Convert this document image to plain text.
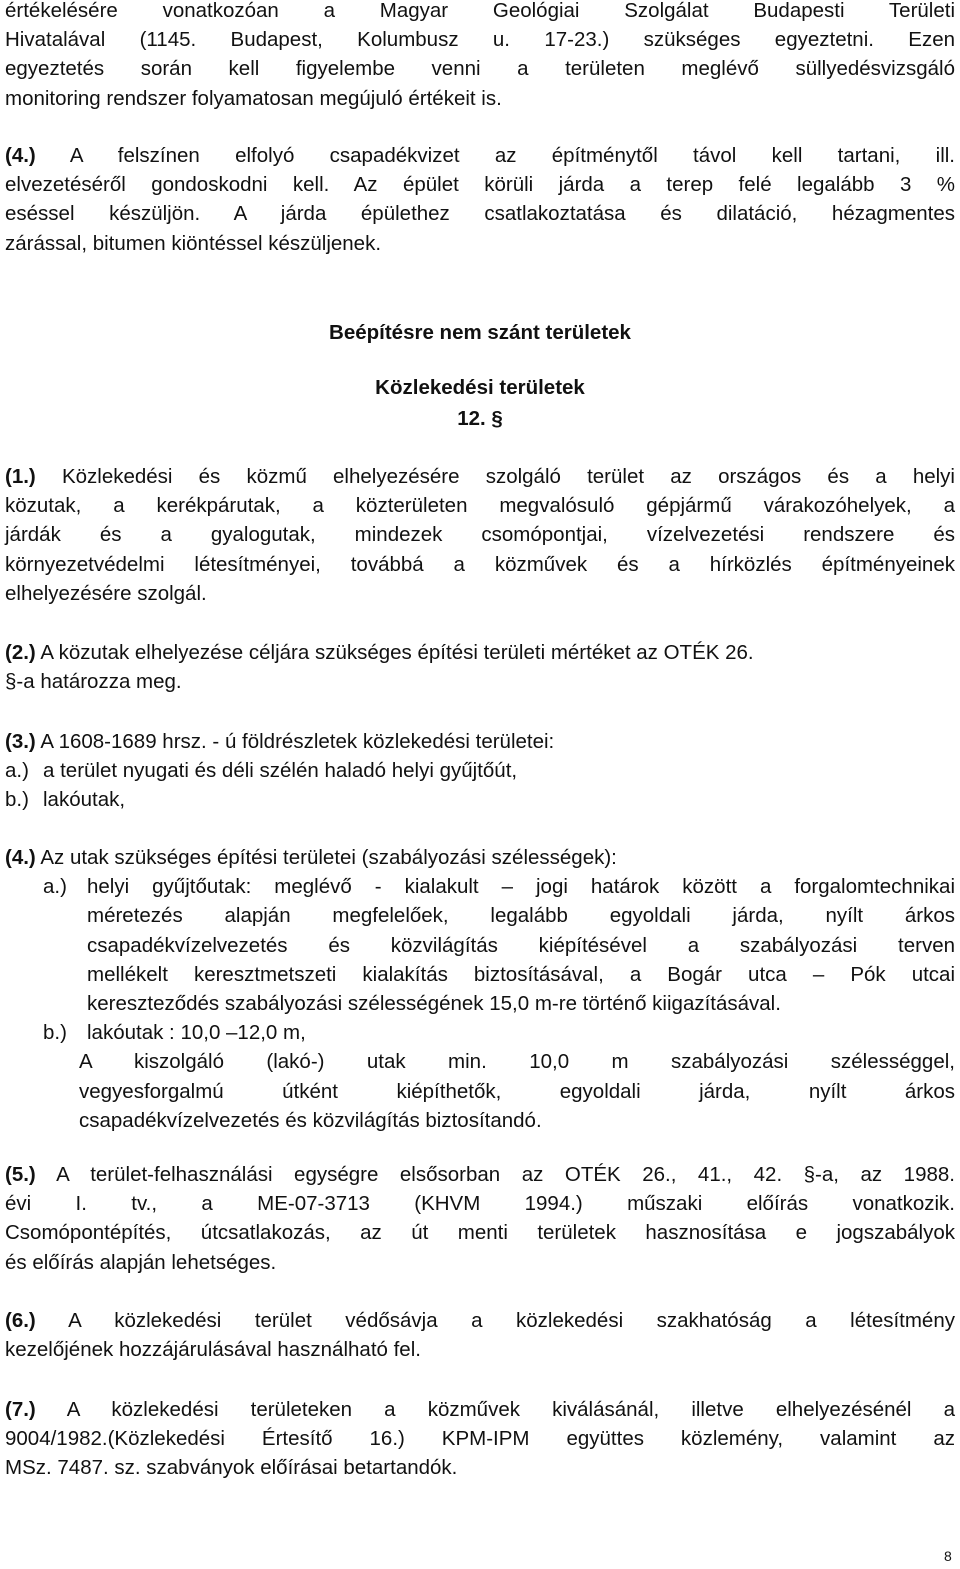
értékelésére vonatkozóan a Magyar Geológiai Szolgálat Budapesti Területi
Hivatalával (1145. Budapest, Kolumbusz u. 17-23.) szükséges egyeztetni. Ezen
egyeztetés során kell figyelembe venni a területen meglévő süllyedésvizsgáló
monitoring rendszer folyamatosan megújuló értékeit is.
(4.) A felszínen elfolyó csapadékvizet az építménytől távol kell tartani, ill.
elvezetéséről gondoskodni kell. Az épület körüli járda a terep felé legalább 3 %
eséssel készüljön. A járda épülethez csatlakoztatása és dilatáció, hézagmentes
zárással, bitumen kiöntéssel készüljenek.
Beépítésre nem szánt területek
Közlekedési területek
12. §
(1.) Közlekedési és közmű elhelyezésére szolgáló terület az országos és a helyi
közutak, a kerékpárutak, a közterületen megvalósuló gépjármű várakozóhelyek, a
járdák és a gyalogutak, mindezek csomópontjai, vízelvezetési rendszere és
környezetvédelmi létesítményei, továbbá a közművek és a hírközlés építményeinek
elhelyezésére szolgál.
(2.) A közutak elhelyezése céljára szükséges építési területi mértéket az OTÉK 26.
§-a határozza meg.
(3.) A 1608-1689 hrsz. - ú földrészletek közlekedési területei:
a.) a terület nyugati és déli szélén haladó helyi gyűjtőút,
b.) lakóutak,
(4.) Az utak szükséges építési területei (szabályozási szélességek):
a.) helyi gyűjtőutak: meglévő - kialakult – jogi határok között a forgalomtechnikai
méretezés alapján megfelelőek, legalább egyoldali járda, nyílt árkos
csapadékvízelvezetés és közvilágítás kiépítésével a szabályozási terven
mellékelt keresztmetszeti kialakítás biztosításával, a Bogár utca – Pók utcai
kereszteződés szabályozási szélességének 15,0 m-re történő kiigazításával.
b.) lakóutak : 10,0 –12,0 m,
A kiszolgáló (lakó-) utak min. 10,0 m szabályozási szélességgel,
vegyesforgalmú útként kiépíthetők, egyoldali járda, nyílt árkos
csapadékvízelvezetés és közvilágítás biztosítandó.
(5.) A terület-felhasználási egységre elsősorban az OTÉK 26., 41., 42. §-a, az 1988.
évi I. tv., a ME-07-3713 (KHVM 1994.) műszaki előírás vonatkozik.
Csomópontépítés, útcsatlakozás, az út menti területek hasznosítása e jogszabályok
és előírás alapján lehetséges.
(6.) A közlekedési terület védősávja a közlekedési szakhatóság a létesítmény
kezelőjének hozzájárulásával használható fel.
(7.) A közlekedési területeken a közművek kiválásánál, illetve elhelyezésénél a
9004/1982.(Közlekedési Értesítő 16.) KPM-IPM együttes közlemény, valamint az
MSz. 7487. sz. szabványok előírásai betartandók.
8
